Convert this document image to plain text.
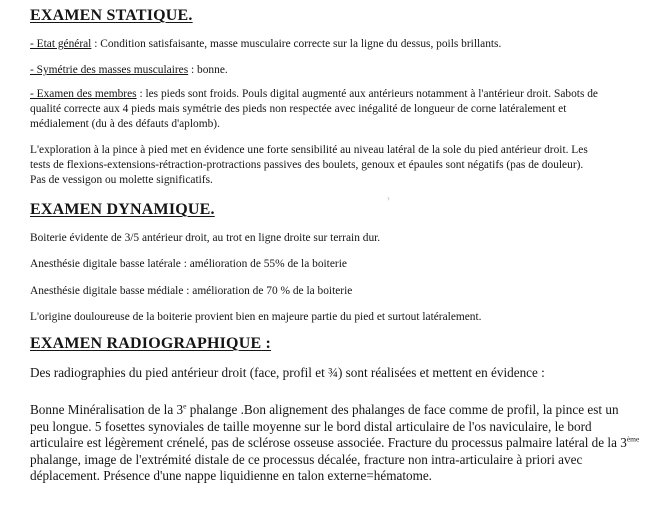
EXAMEN STATIQUE.

- Etat général : Condition satisfaisante, masse musculaire correcte sur la ligne du dessus, poils brillants.

- Symétrie des masses musculaires : bonne.

- Examen des membres : les pieds sont froids. Pouls digital augmenté aux antérieurs notamment à l'antérieur droit. Sabots de qualité correcte aux 4 pieds mais symétrie des pieds non respectée avec inégalité de longueur de corne latéralement et médialement (du à des défauts d'aplomb).

L'exploration à la pince à pied met en évidence une forte sensibilité au niveau latéral de la sole du pied antérieur droit. Les tests de flexions-extensions-rétraction-protractions passives des boulets, genoux et épaules sont négatifs (pas de douleur). Pas de vessigon ou molette significatifs.

›
EXAMEN DYNAMIQUE.

Boiterie évidente de 3/5 antérieur droit, au trot en ligne droite sur terrain dur.

Anesthésie digitale basse latérale : amélioration de 55% de la boiterie

Anesthésie digitale basse médiale : amélioration de 70 % de la boiterie

L'origine douloureuse de la boiterie provient bien en majeure partie du pied et surtout latéralement.

EXAMEN RADIOGRAPHIQUE :

Des radiographies du pied antérieur droit (face, profil et ¾) sont réalisées et mettent en évidence :

Bonne Minéralisation de la 3e phalange .Bon alignement des phalanges de face comme de profil, la pince est un peu longue. 5 fosettes synoviales de taille moyenne sur le bord distal articulaire de l'os naviculaire, le bord articulaire est légèrement crénelé, pas de sclérose osseuse associée. Fracture du processus palmaire latéral de la 3ème phalange, image de l'extrémité distale de ce processus décalée, fracture non intra-articulaire à priori avec déplacement. Présence d'une nappe liquidienne en talon externe=hématome.
